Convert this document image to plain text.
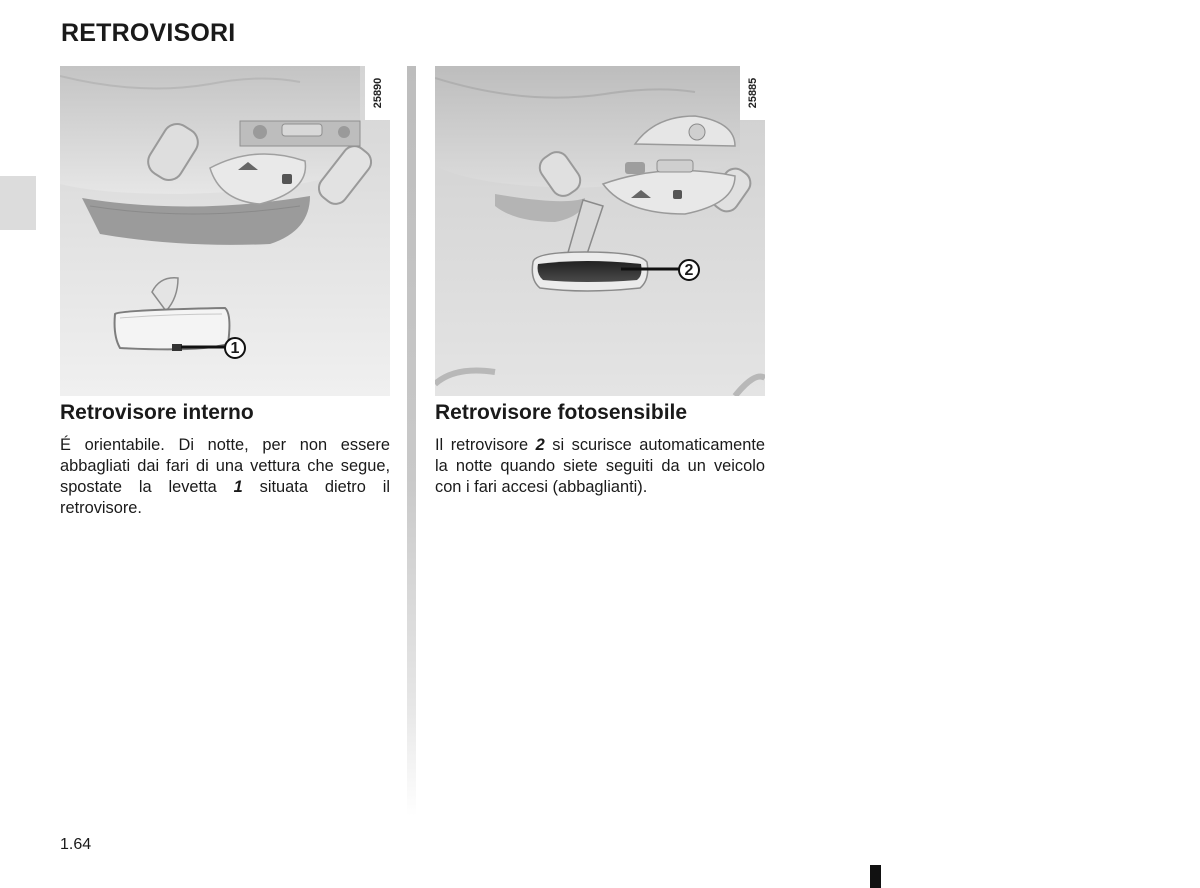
RETROVISORI
25890
1
25885
2
Retrovisore interno

É orientabile. Di notte, per non essere abbagliati dai fari di una vettura che segue, spostate la levetta 1 situata dietro il retrovisore.

Retrovisore fotosensibile

Il retrovisore 2 si scurisce automaticamente la notte quando siete seguiti da un veicolo con i fari accesi (abbaglianti).

1.64
